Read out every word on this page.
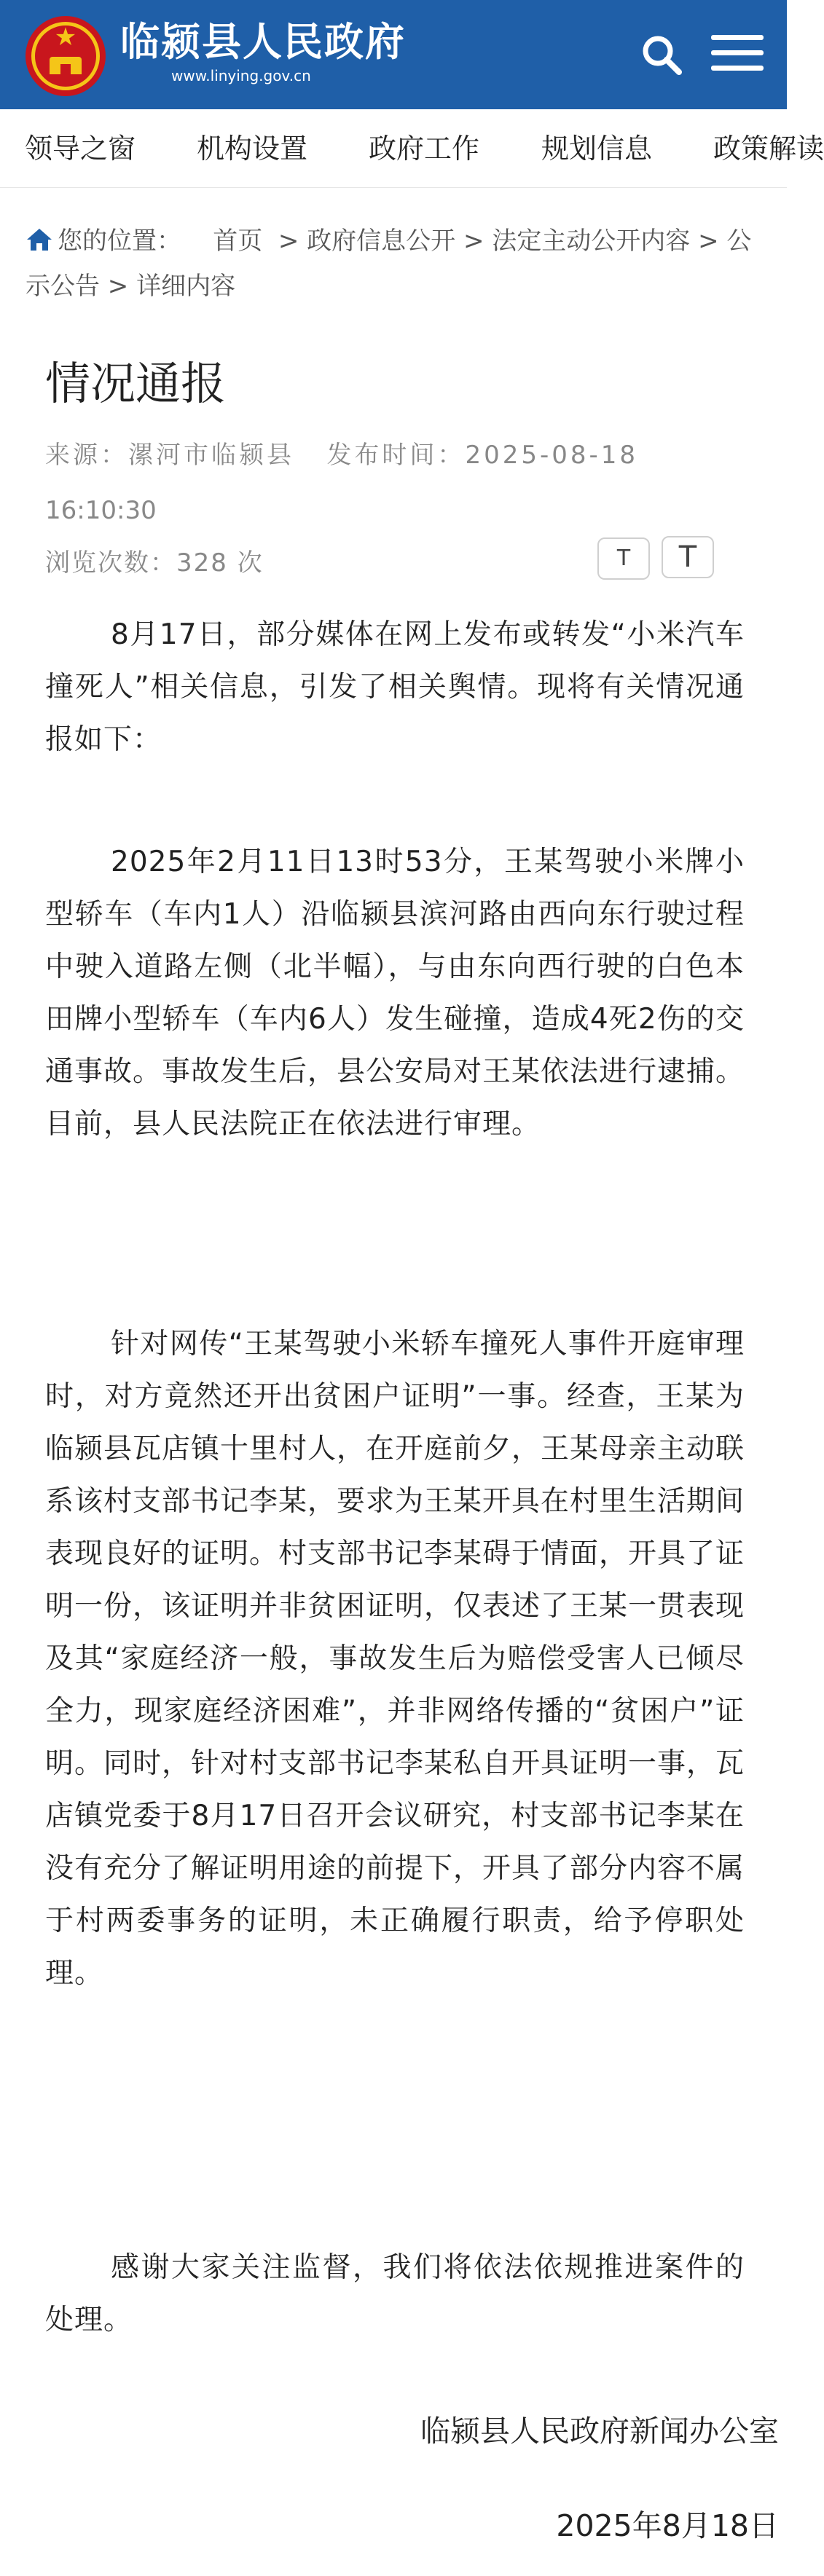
★	临颍县人民政府
www.linying.gov.cn
领导之窗 机构设置 政府工作 规划信息 政策解读
您的位置： 首页  > 政府信息公开 > 法定主动公开内容 > 公示公告 > 详细内容
情况通报
来源：漯河市临颍县 发布时间：2025-08-18
16:10:30
浏览次数：328 次	T	T
8月17日，部分媒体在网上发布或转发“小米汽车撞死人”相关信息，引发了相关舆情。现将有关情况通报如下：
2025年2月11日13时53分，王某驾驶小米牌小型轿车（车内1人）沿临颍县滨河路由西向东行驶过程中驶入道路左侧（北半幅），与由东向西行驶的白色本田牌小型轿车（车内6人）发生碰撞，造成4死2伤的交通事故。事故发生后，县公安局对王某依法进行逮捕。目前，县人民法院正在依法进行审理。
针对网传“王某驾驶小米轿车撞死人事件开庭审理时，对方竟然还开出贫困户证明”一事。经查，王某为临颍县瓦店镇十里村人，在开庭前夕，王某母亲主动联系该村支部书记李某，要求为王某开具在村里生活期间表现良好的证明。村支部书记李某碍于情面，开具了证明一份，该证明并非贫困证明，仅表述了王某一贯表现及其“家庭经济一般，事故发生后为赔偿受害人已倾尽全力，现家庭经济困难”，并非网络传播的“贫困户”证明。同时，针对村支部书记李某私自开具证明一事，瓦店镇党委于8月17日召开会议研究，村支部书记李某在没有充分了解证明用途的前提下，开具了部分内容不属于村两委事务的证明，未正确履行职责，给予停职处理。
感谢大家关注监督，我们将依法依规推进案件的处理。
临颍县人民政府新闻办公室
2025年8月18日
